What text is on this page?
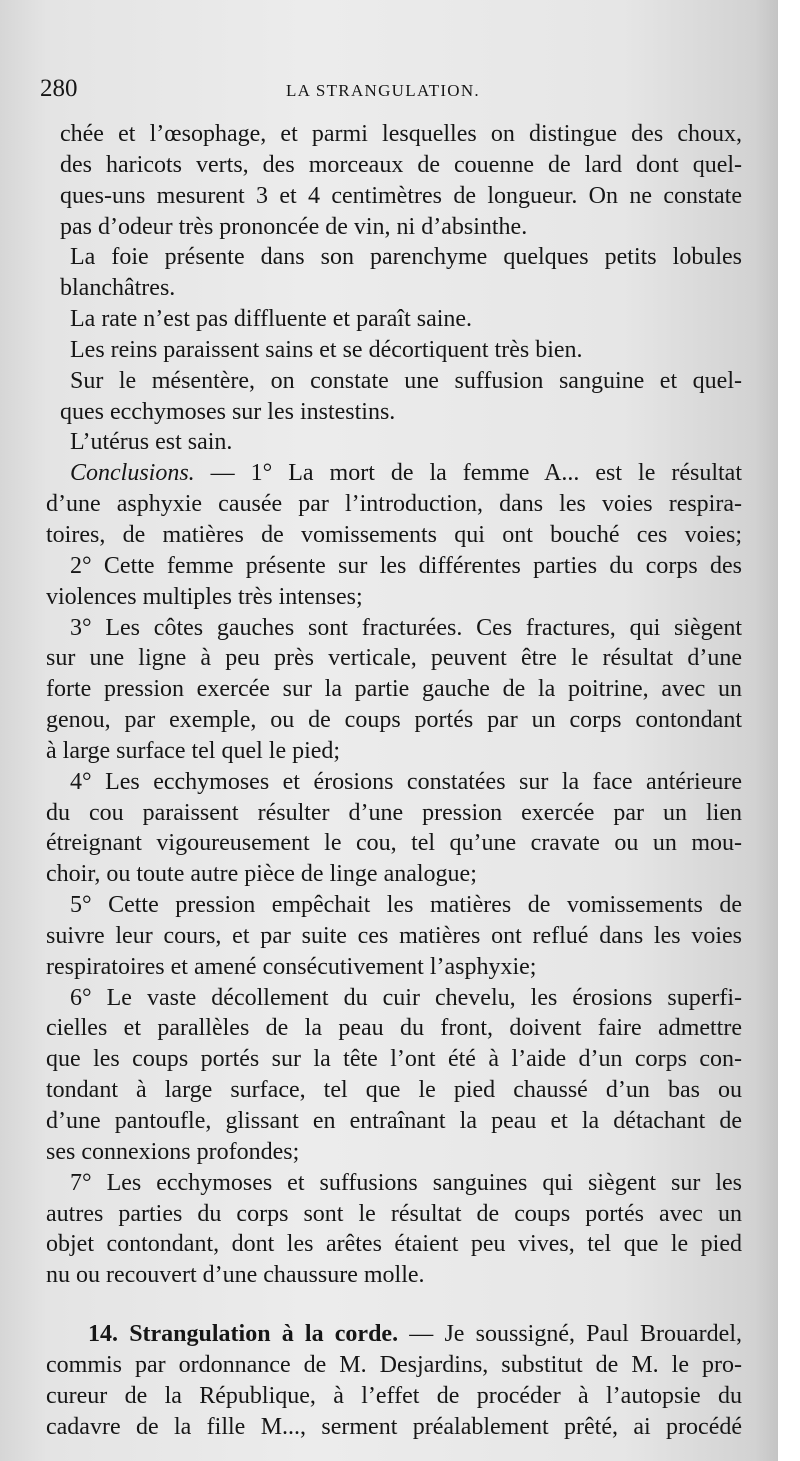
280	LA STRANGULATION.
chée et l’œsophage, et parmi lesquelles on distingue des choux,
des haricots verts, des morceaux de couenne de lard dont quel-
ques-uns mesurent 3 et 4 centimètres de longueur. On ne constate
pas d’odeur très prononcée de vin, ni d’absinthe.
La foie présente dans son parenchyme quelques petits lobules
blanchâtres.
La rate n’est pas diffluente et paraît saine.
Les reins paraissent sains et se décortiquent très bien.
Sur le mésentère, on constate une suffusion sanguine et quel-
ques ecchymoses sur les instestins.
L’utérus est sain.
Conclusions. — 1° La mort de la femme A... est le résultat
d’une asphyxie causée par l’introduction, dans les voies respira-
toires, de matières de vomissements qui ont bouché ces voies;
2° Cette femme présente sur les différentes parties du corps des
violences multiples très intenses;
3° Les côtes gauches sont fracturées. Ces fractures, qui siègent
sur une ligne à peu près verticale, peuvent être le résultat d’une
forte pression exercée sur la partie gauche de la poitrine, avec un
genou, par exemple, ou de coups portés par un corps contondant
à large surface tel quel le pied;
4° Les ecchymoses et érosions constatées sur la face antérieure
du cou paraissent résulter d’une pression exercée par un lien
étreignant vigoureusement le cou, tel qu’une cravate ou un mou-
choir, ou toute autre pièce de linge analogue;
5° Cette pression empêchait les matières de vomissements de
suivre leur cours, et par suite ces matières ont reflué dans les voies
respiratoires et amené consécutivement l’asphyxie;
6° Le vaste décollement du cuir chevelu, les érosions superfi-
cielles et parallèles de la peau du front, doivent faire admettre
que les coups portés sur la tête l’ont été à l’aide d’un corps con-
tondant à large surface, tel que le pied chaussé d’un bas ou
d’une pantoufle, glissant en entraînant la peau et la détachant de
ses connexions profondes;
7° Les ecchymoses et suffusions sanguines qui siègent sur les
autres parties du corps sont le résultat de coups portés avec un
objet contondant, dont les arêtes étaient peu vives, tel que le pied
nu ou recouvert d’une chaussure molle.
14. Strangulation à la corde. — Je soussigné, Paul Brouardel,
commis par ordonnance de M. Desjardins, substitut de M. le pro-
cureur de la République, à l’effet de procéder à l’autopsie du
cadavre de la fille M..., serment préalablement prêté, ai procédé
